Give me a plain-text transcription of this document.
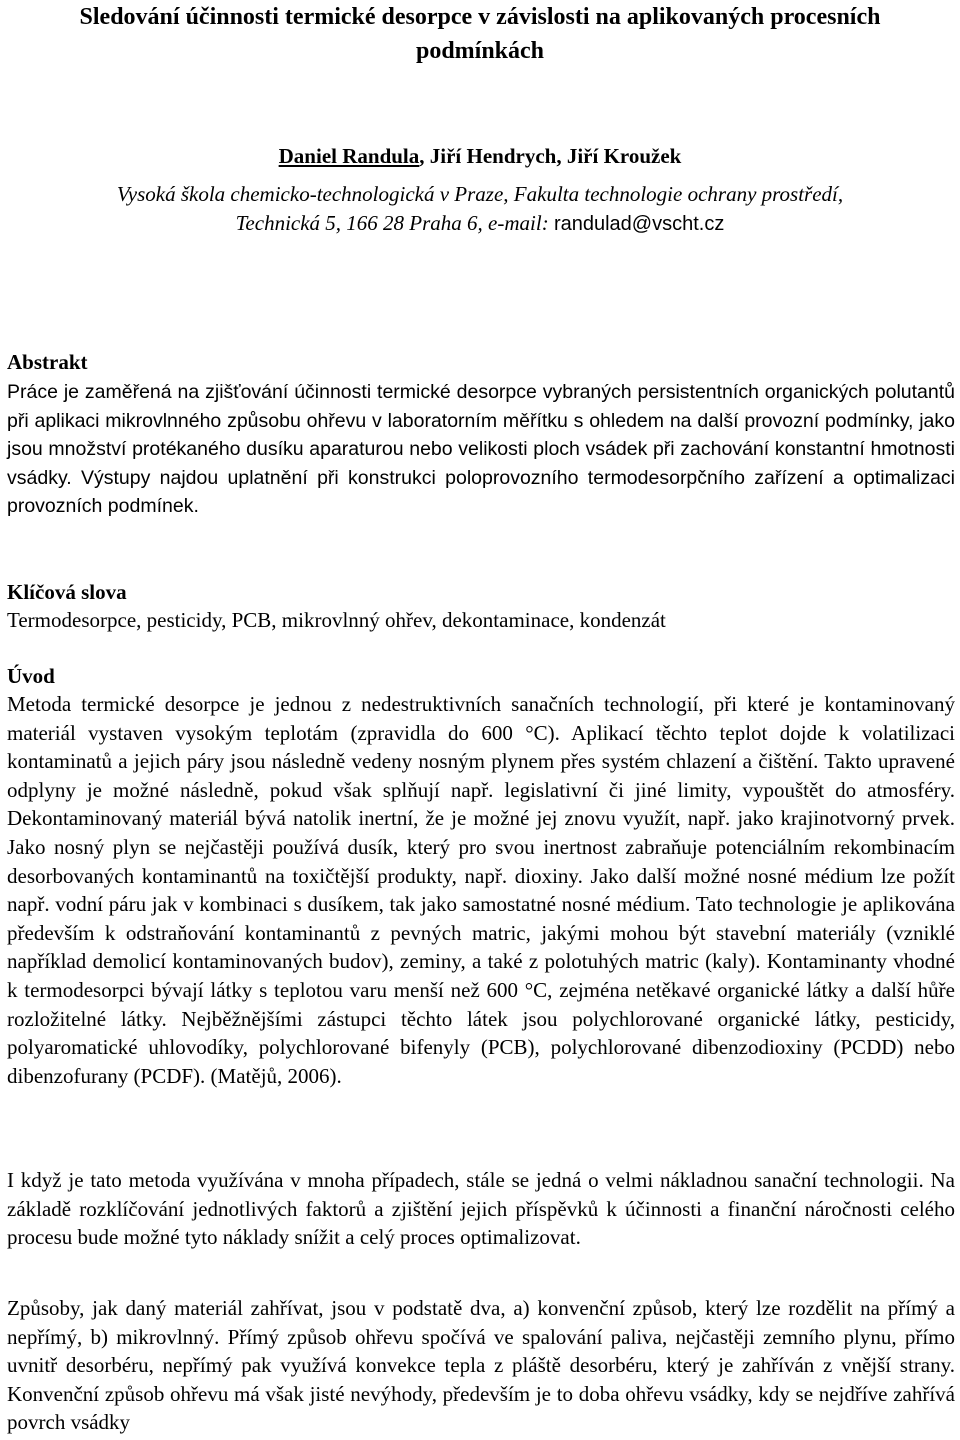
Sledování účinnosti termické desorpce v závislosti na aplikovaných procesních podmínkách
Daniel Randula, Jiří Hendrych, Jiří Kroužek
Vysoká škola chemicko-technologická v Praze, Fakulta technologie ochrany prostředí,
Technická 5, 166 28 Praha 6, e-mail: randulad@vscht.cz
Abstrakt
Práce je zaměřená na zjišťování účinnosti termické desorpce vybraných persistentních organických polutantů při aplikaci mikrovlnného způsobu ohřevu v laboratorním měřítku s ohledem na další provozní podmínky, jako jsou množství protékaného dusíku aparaturou nebo velikosti ploch vsádek při zachování konstantní hmotnosti vsádky. Výstupy najdou uplatnění při konstrukci poloprovozního termodesorpčního zařízení a optimalizaci provozních podmínek.
Klíčová slova
Termodesorpce, pesticidy, PCB, mikrovlnný ohřev, dekontaminace, kondenzát
Úvod
Metoda termické desorpce je jednou z nedestruktivních sanačních technologií, při které je kontaminovaný materiál vystaven vysokým teplotám (zpravidla do 600 °C). Aplikací těchto teplot dojde k volatilizaci kontaminatů a jejich páry jsou následně vedeny nosným plynem přes systém chlazení a čištění. Takto upravené odplyny je možné následně, pokud však splňují např. legislativní či jiné limity, vypouštět do atmosféry. Dekontaminovaný materiál bývá natolik inertní, že je možné jej znovu využít, např. jako krajinotvorný prvek. Jako nosný plyn se nejčastěji používá dusík, který pro svou inertnost zabraňuje potenciálním rekombinacím desorbovaných kontaminantů na toxičtější produkty, např. dioxiny. Jako další možné nosné médium lze požít např. vodní páru jak v kombinaci s dusíkem, tak jako samostatné nosné médium. Tato technologie je aplikována především k odstraňování kontaminantů z pevných matric, jakými mohou být stavební materiály (vzniklé například demolicí kontaminovaných budov), zeminy, a také z polotuhých matric (kaly). Kontaminanty vhodné k termodesorpci bývají látky s teplotou varu menší než 600 °C, zejména netěkavé organické látky a další hůře rozložitelné látky. Nejběžnějšími zástupci těchto látek jsou polychlorované organické látky, pesticidy, polyaromatické uhlovodíky, polychlorované bifenyly (PCB), polychlorované dibenzodioxiny (PCDD) nebo dibenzofurany (PCDF). (Matějů, 2006).
I když je tato metoda využívána v mnoha případech, stále se jedná o velmi nákladnou sanační technologii. Na základě rozklíčování jednotlivých faktorů a zjištění jejich příspěvků k účinnosti a finanční náročnosti celého procesu bude možné tyto náklady snížit a celý proces optimalizovat.
Způsoby, jak daný materiál zahřívat, jsou v podstatě dva, a) konvenční způsob, který lze rozdělit na přímý a nepřímý, b) mikrovlnný. Přímý způsob ohřevu spočívá ve spalování paliva, nejčastěji zemního plynu, přímo uvnitř desorbéru, nepřímý pak využívá konvekce tepla z pláště desorbéru, který je zahříván z vnější strany. Konvenční způsob ohřevu má však jisté nevýhody, především je to doba ohřevu vsádky, kdy se nejdříve zahřívá povrch vsádky
